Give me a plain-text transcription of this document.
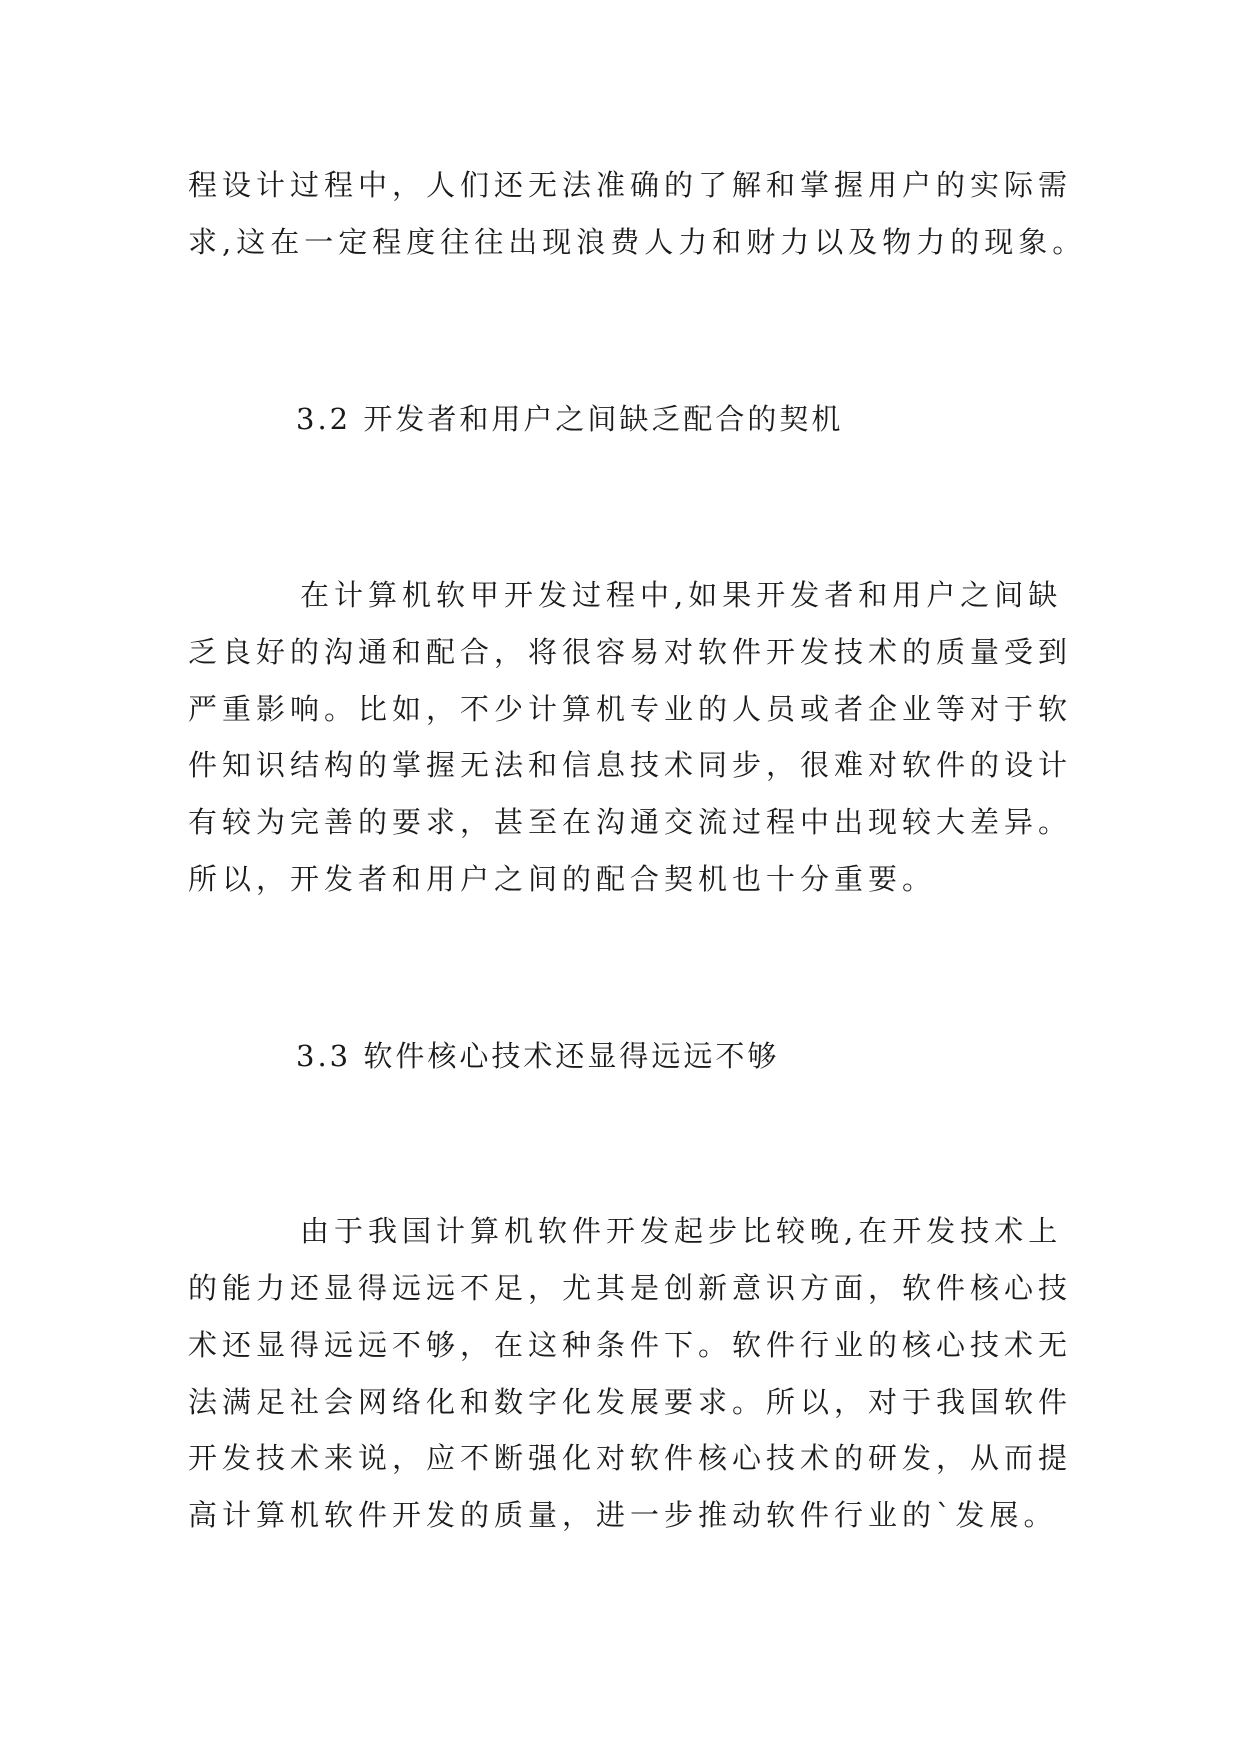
程设计过程中，人们还无法准确的了解和掌握用户的实际需
求,这在一定程度往往出现浪费人力和财力以及物力的现象。
3.2 开发者和用户之间缺乏配合的契机
在计算机软甲开发过程中,如果开发者和用户之间缺
乏良好的沟通和配合，将很容易对软件开发技术的质量受到
严重影响。比如，不少计算机专业的人员或者企业等对于软
件知识结构的掌握无法和信息技术同步，很难对软件的设计
有较为完善的要求，甚至在沟通交流过程中出现较大差异。
所以，开发者和用户之间的配合契机也十分重要。
3.3 软件核心技术还显得远远不够
由于我国计算机软件开发起步比较晚,在开发技术上
的能力还显得远远不足，尤其是创新意识方面，软件核心技
术还显得远远不够，在这种条件下。软件行业的核心技术无
法满足社会网络化和数字化发展要求。所以，对于我国软件
开发技术来说，应不断强化对软件核心技术的研发，从而提
高计算机软件开发的质量，进一步推动软件行业的`发展。
